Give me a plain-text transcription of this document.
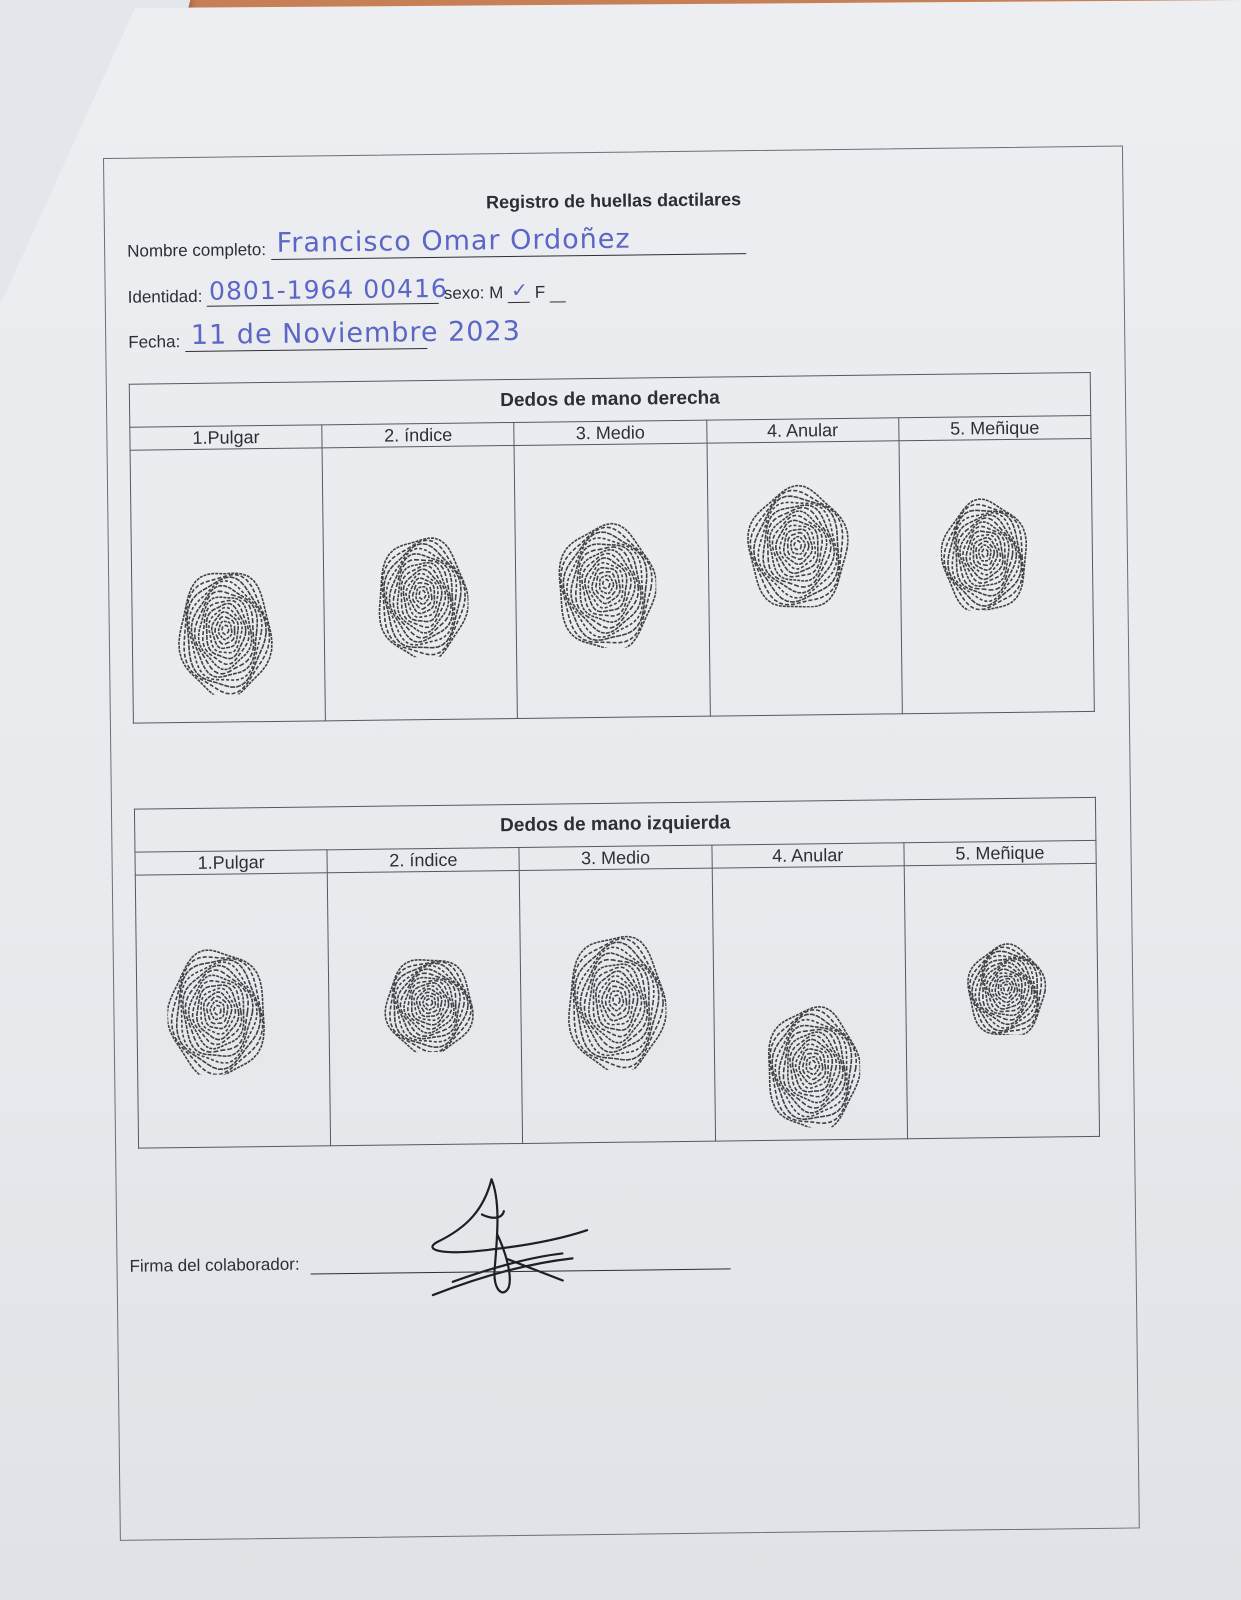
Registro de huellas dactilares
Nombre completo: Francisco Omar Ordoñez
Identidad: 0801-1964 00416
sexo: M ✓ F
Fecha: 11 de Noviembre 2023
Dedos de mano derecha				
1.Pulgar	2. índice	3. Medio	4. Anular	5. Meñique

Dedos de mano izquierda				
1.Pulgar	2. índice	3. Medio	4. Anular	5. Meñique

Firma del colaborador:
